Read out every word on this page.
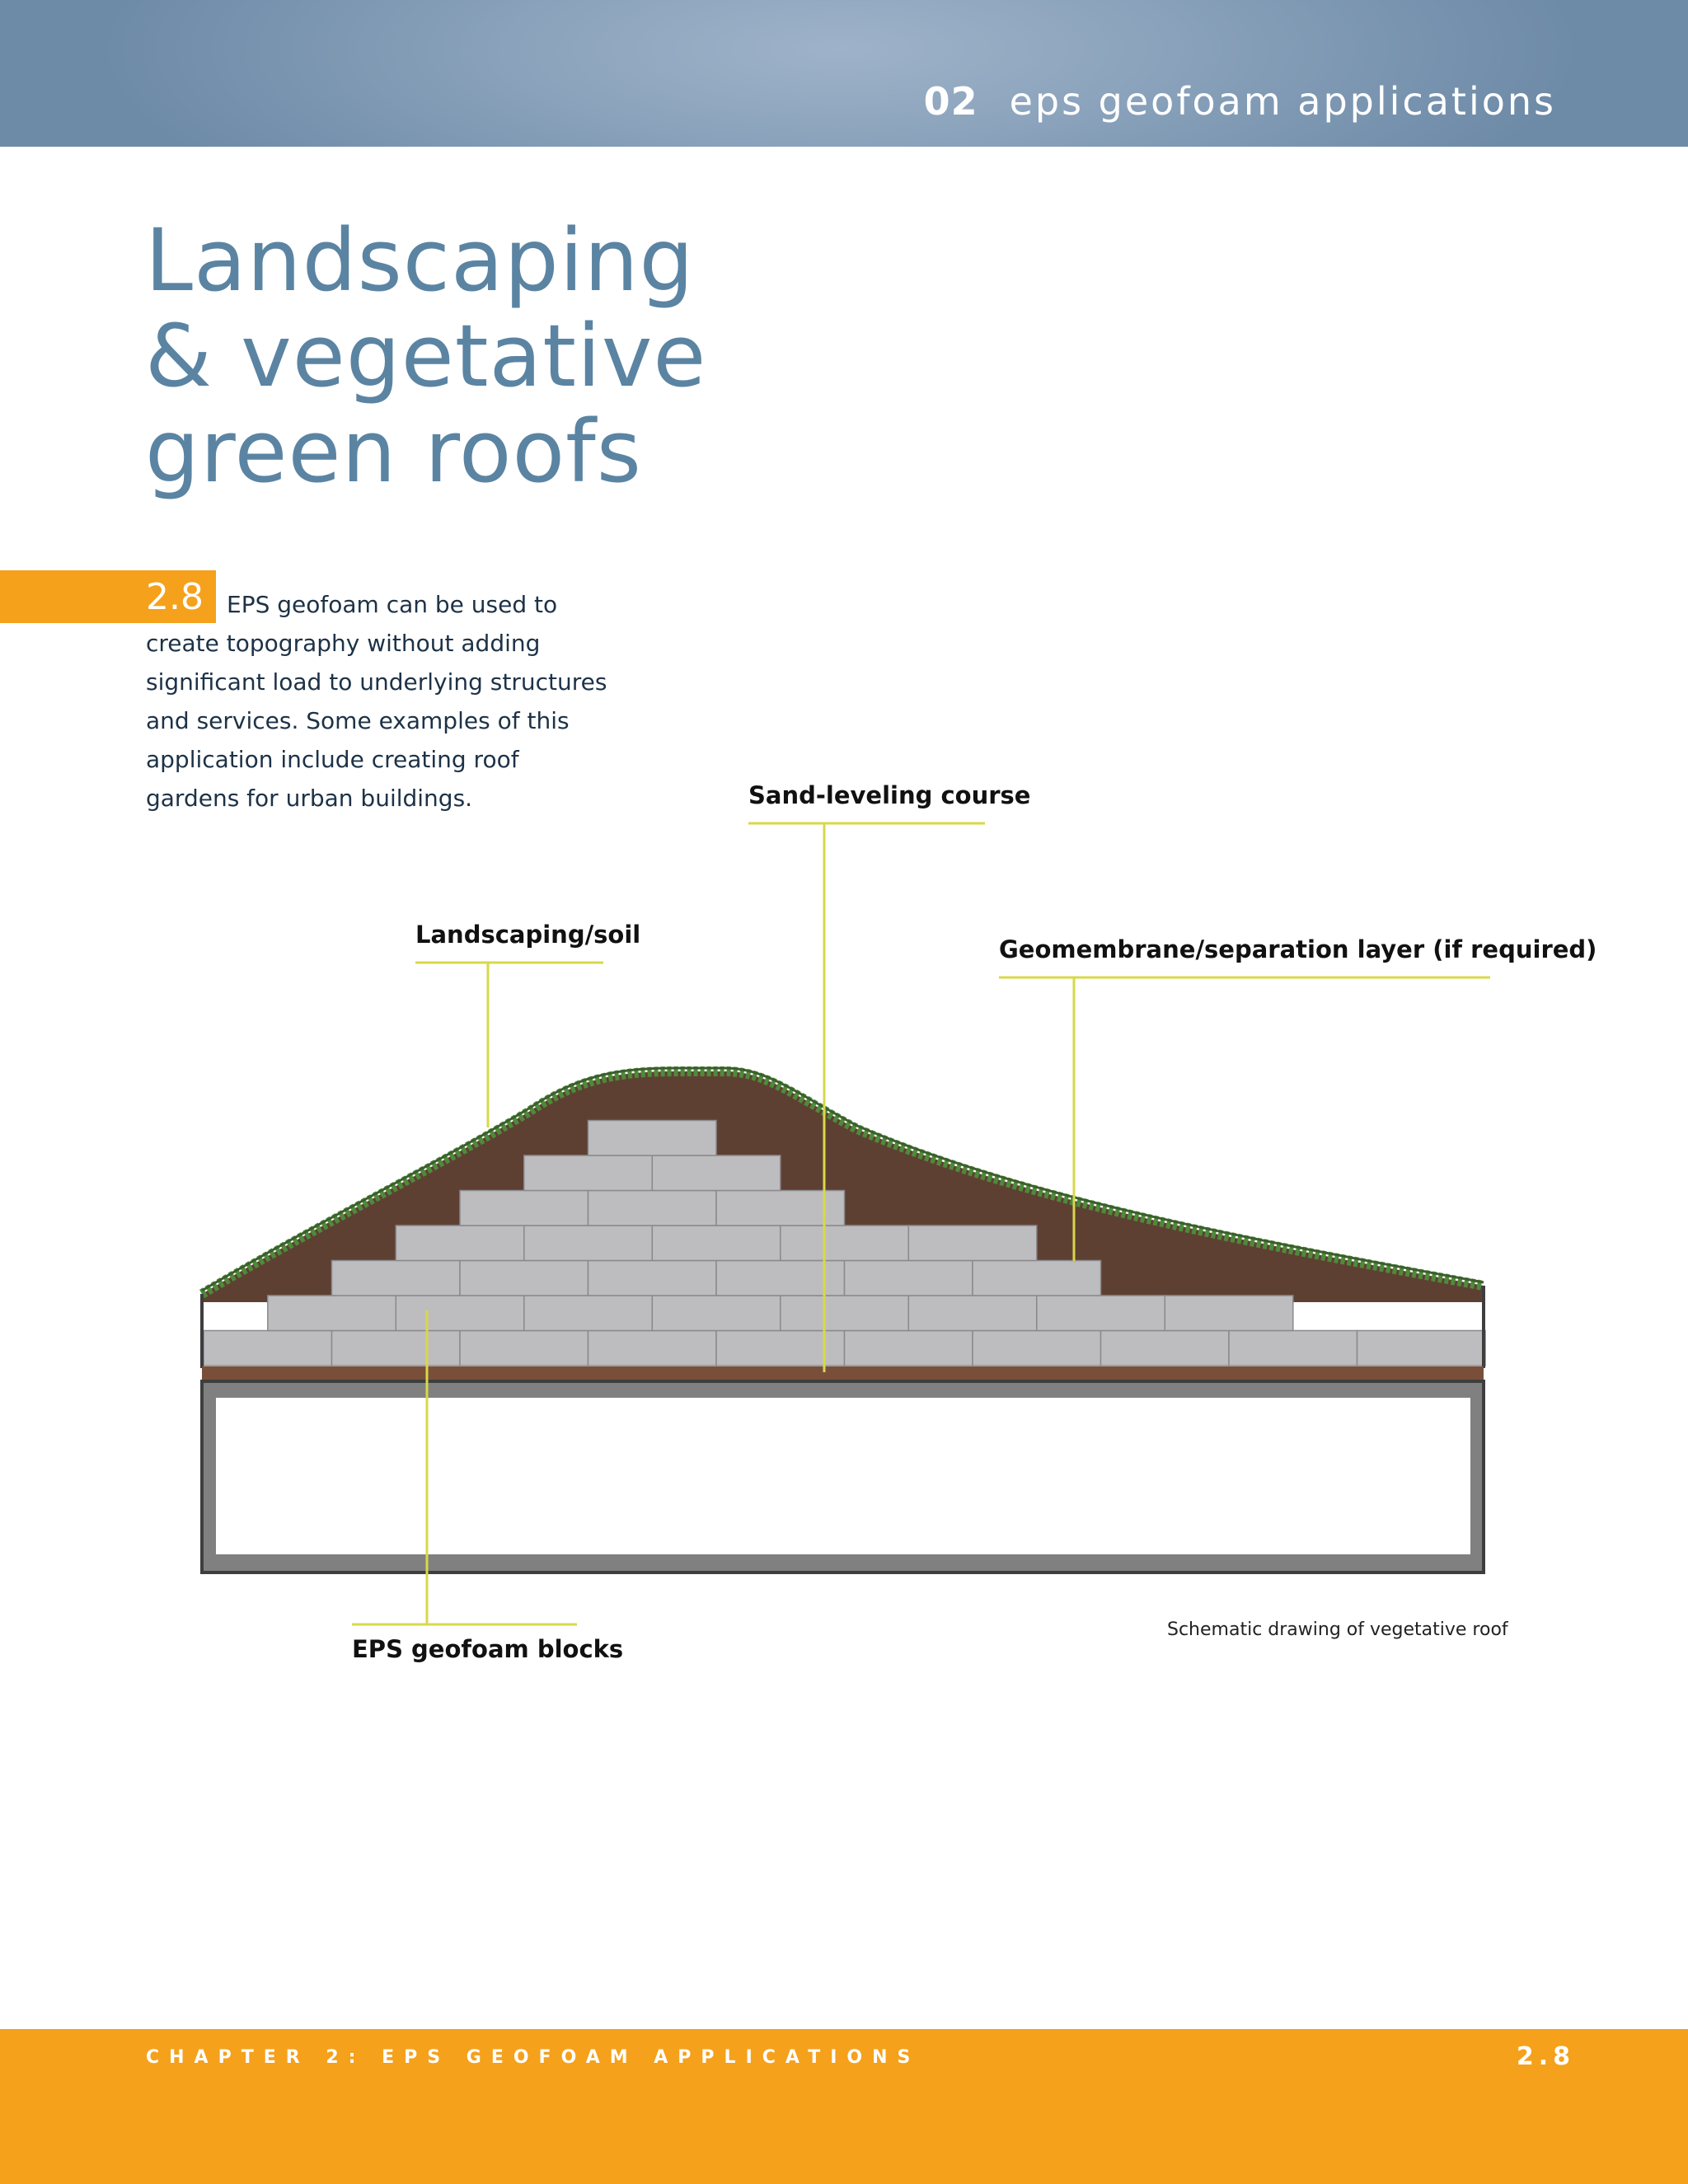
02 eps geofoam applications
Landscaping
& vegetative
green roofs
2.8	EPS geofoam can be used to create topography without adding significant load to underlying structures and services. Some examples of this application include creating roof gardens for urban buildings.	Sand-leveling course
Landscaping/soil
Geomembrane/separation layer (if required)
EPS geofoam blocks
Schematic drawing of vegetative roof
CHAPTER 2: EPS GEOFOAM APPLICATIONS	2.8
